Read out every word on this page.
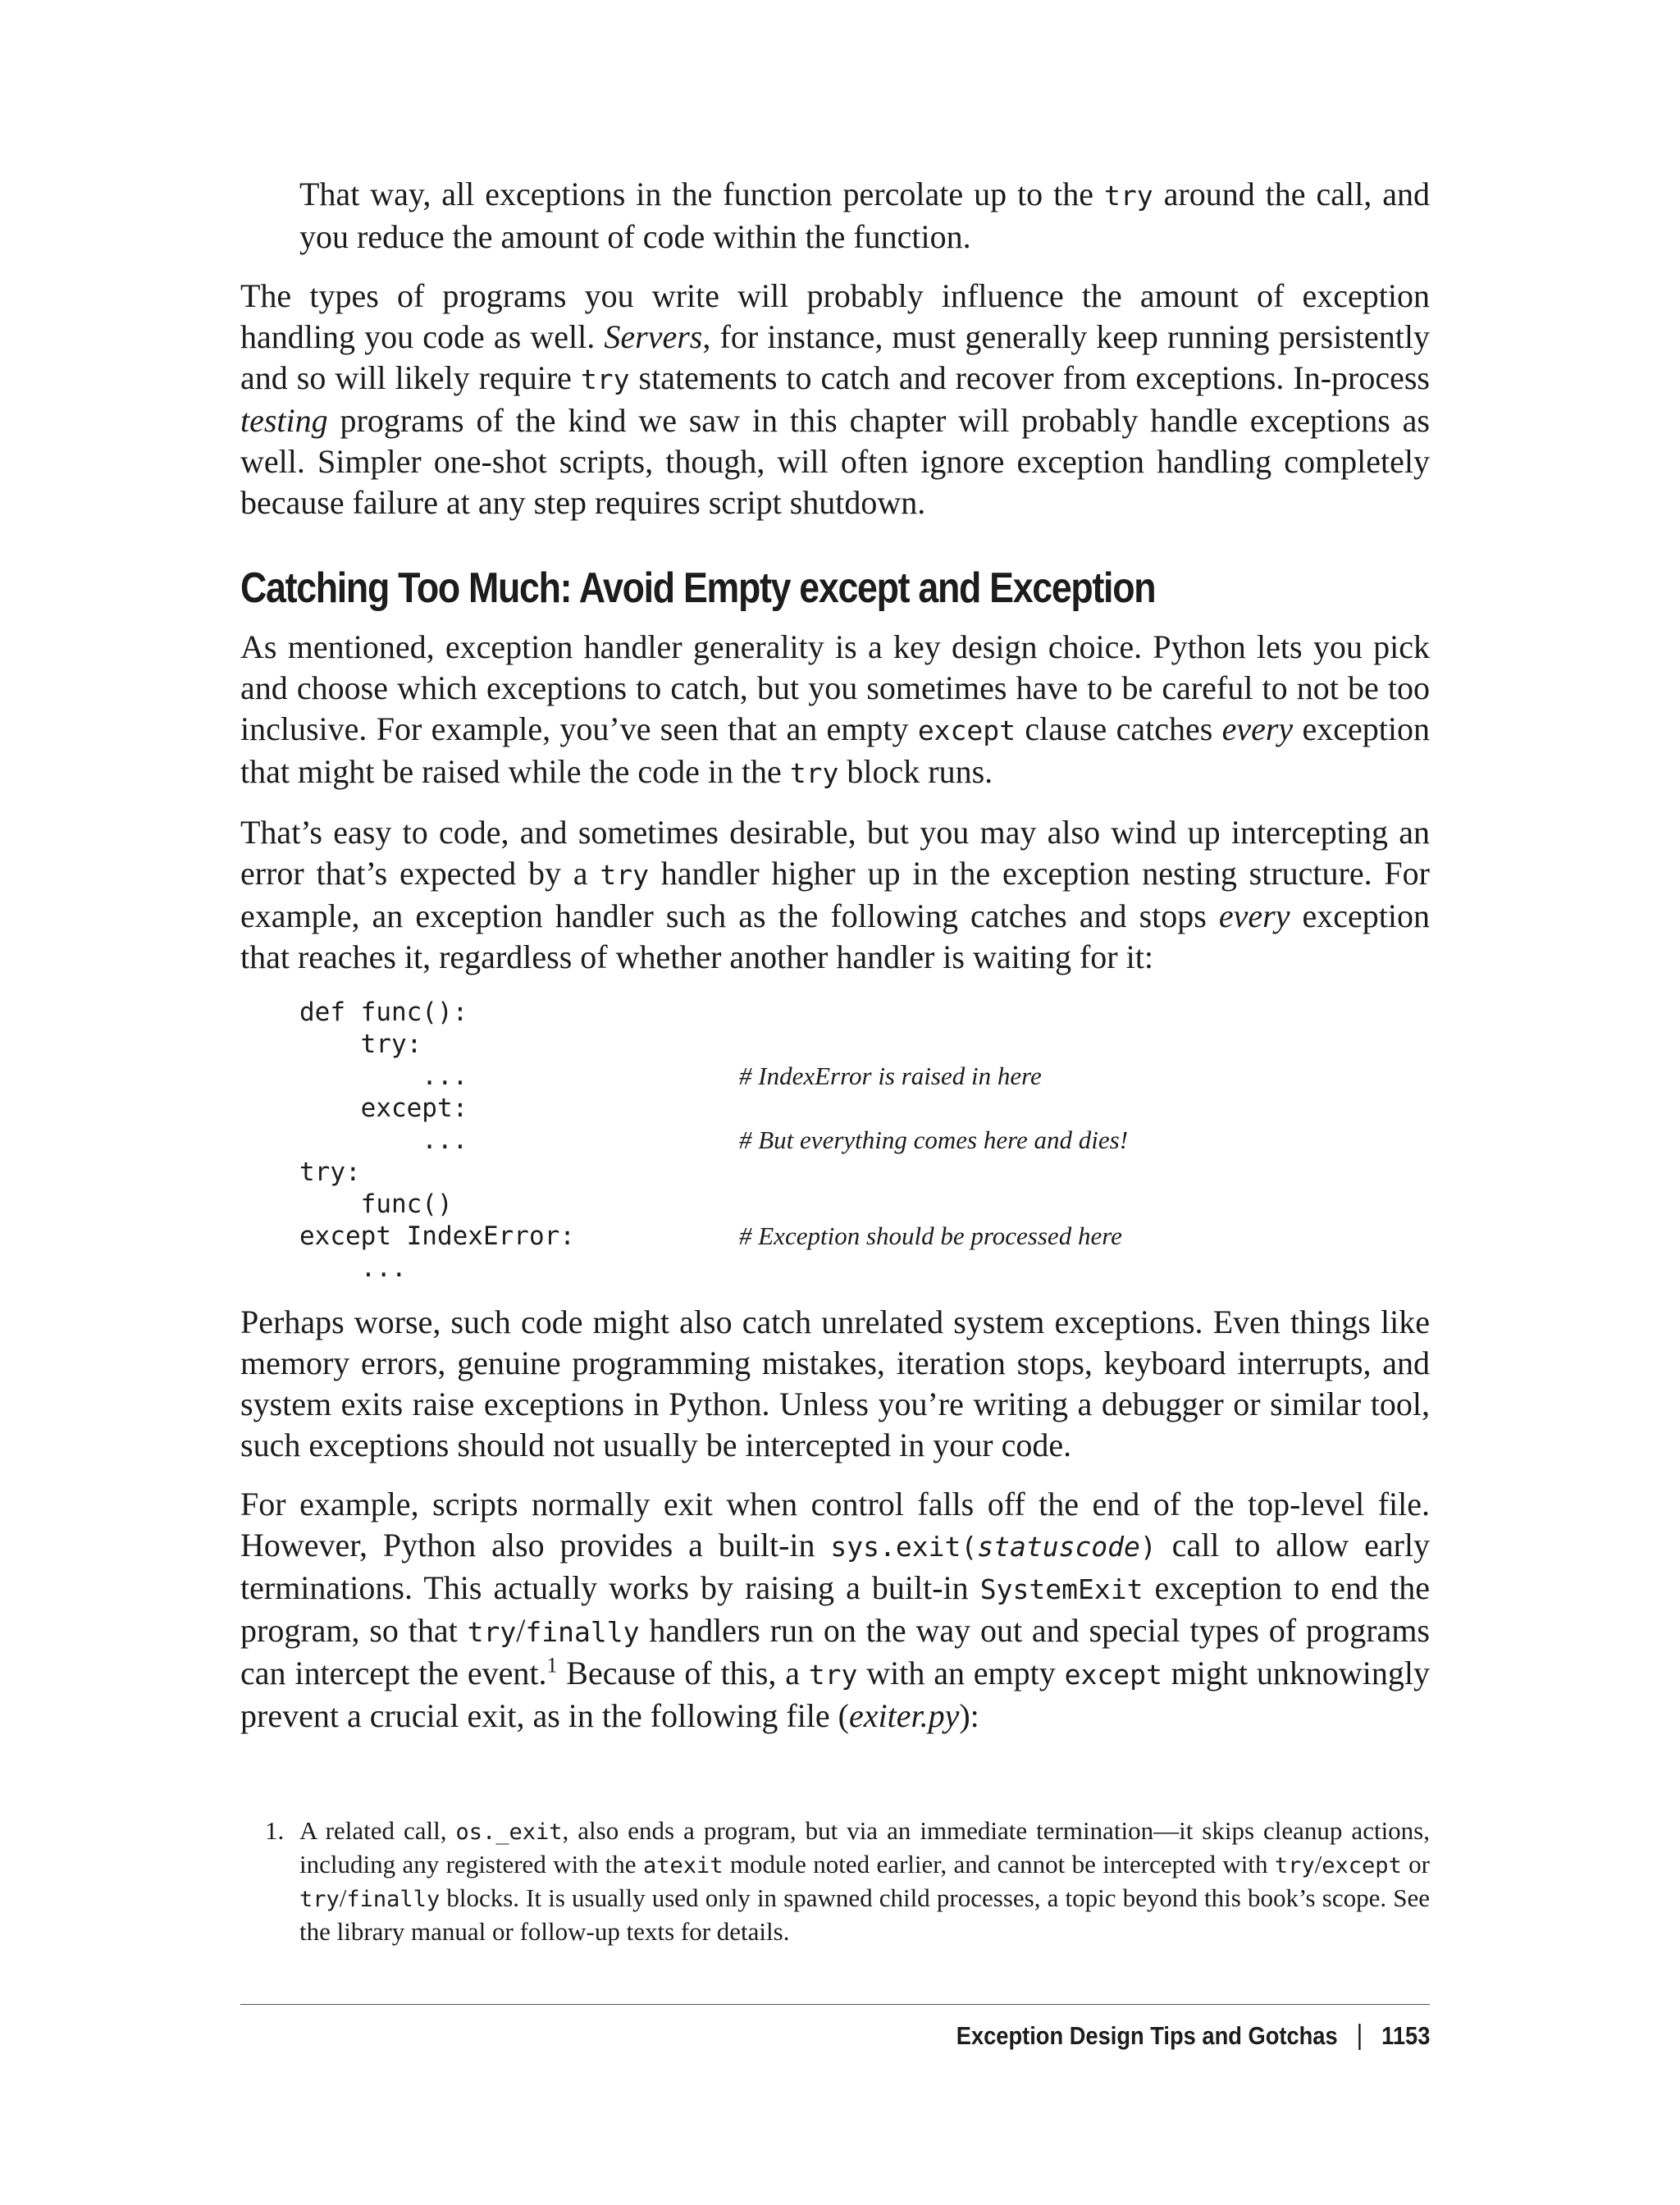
That way, all exceptions in the function percolate up to the try around the call, and you reduce the amount of code within the function.

The types of programs you write will probably influence the amount of exception handling you code as well. Servers, for instance, must generally keep running persistently and so will likely require try statements to catch and recover from exceptions. In-process testing programs of the kind we saw in this chapter will probably handle exceptions as well. Simpler one-shot scripts, though, will often ignore exception handling completely because failure at any step requires script shutdown.

Catching Too Much: Avoid Empty except and Exception

As mentioned, exception handler generality is a key design choice. Python lets you pick and choose which exceptions to catch, but you sometimes have to be careful to not be too inclusive. For example, you’ve seen that an empty except clause catches every exception that might be raised while the code in the try block runs.

That’s easy to code, and sometimes desirable, but you may also wind up intercepting an error that’s expected by a try handler higher up in the exception nesting structure. For example, an exception handler such as the following catches and stops every exception that reaches it, regardless of whether another handler is waiting for it:

def func():
try:
...	# IndexError is raised in here
except:
...	# But everything comes here and dies!
try:
func()
except IndexError:	# Exception should be processed here
...

Perhaps worse, such code might also catch unrelated system exceptions. Even things like memory errors, genuine programming mistakes, iteration stops, keyboard interrupts, and system exits raise exceptions in Python. Unless you’re writing a debugger or similar tool, such exceptions should not usually be intercepted in your code.

For example, scripts normally exit when control falls off the end of the top-level file. However, Python also provides a built-in sys.exit(statuscode) call to allow early terminations. This actually works by raising a built-in SystemExit exception to end the program, so that try/finally handlers run on the way out and special types of programs can intercept the event.$^1$ Because of this, a try with an empty except might unknowingly prevent a crucial exit, as in the following file (exiter.py):

1. A related call, os._exit, also ends a program, but via an immediate termination—it skips cleanup actions, including any registered with the atexit module noted earlier, and cannot be intercepted with try/except or try/finally blocks. It is usually used only in spawned child processes, a topic beyond this book’s scope. See the library manual or follow-up texts for details.
Exception Design Tips and Gotchas | 1153
